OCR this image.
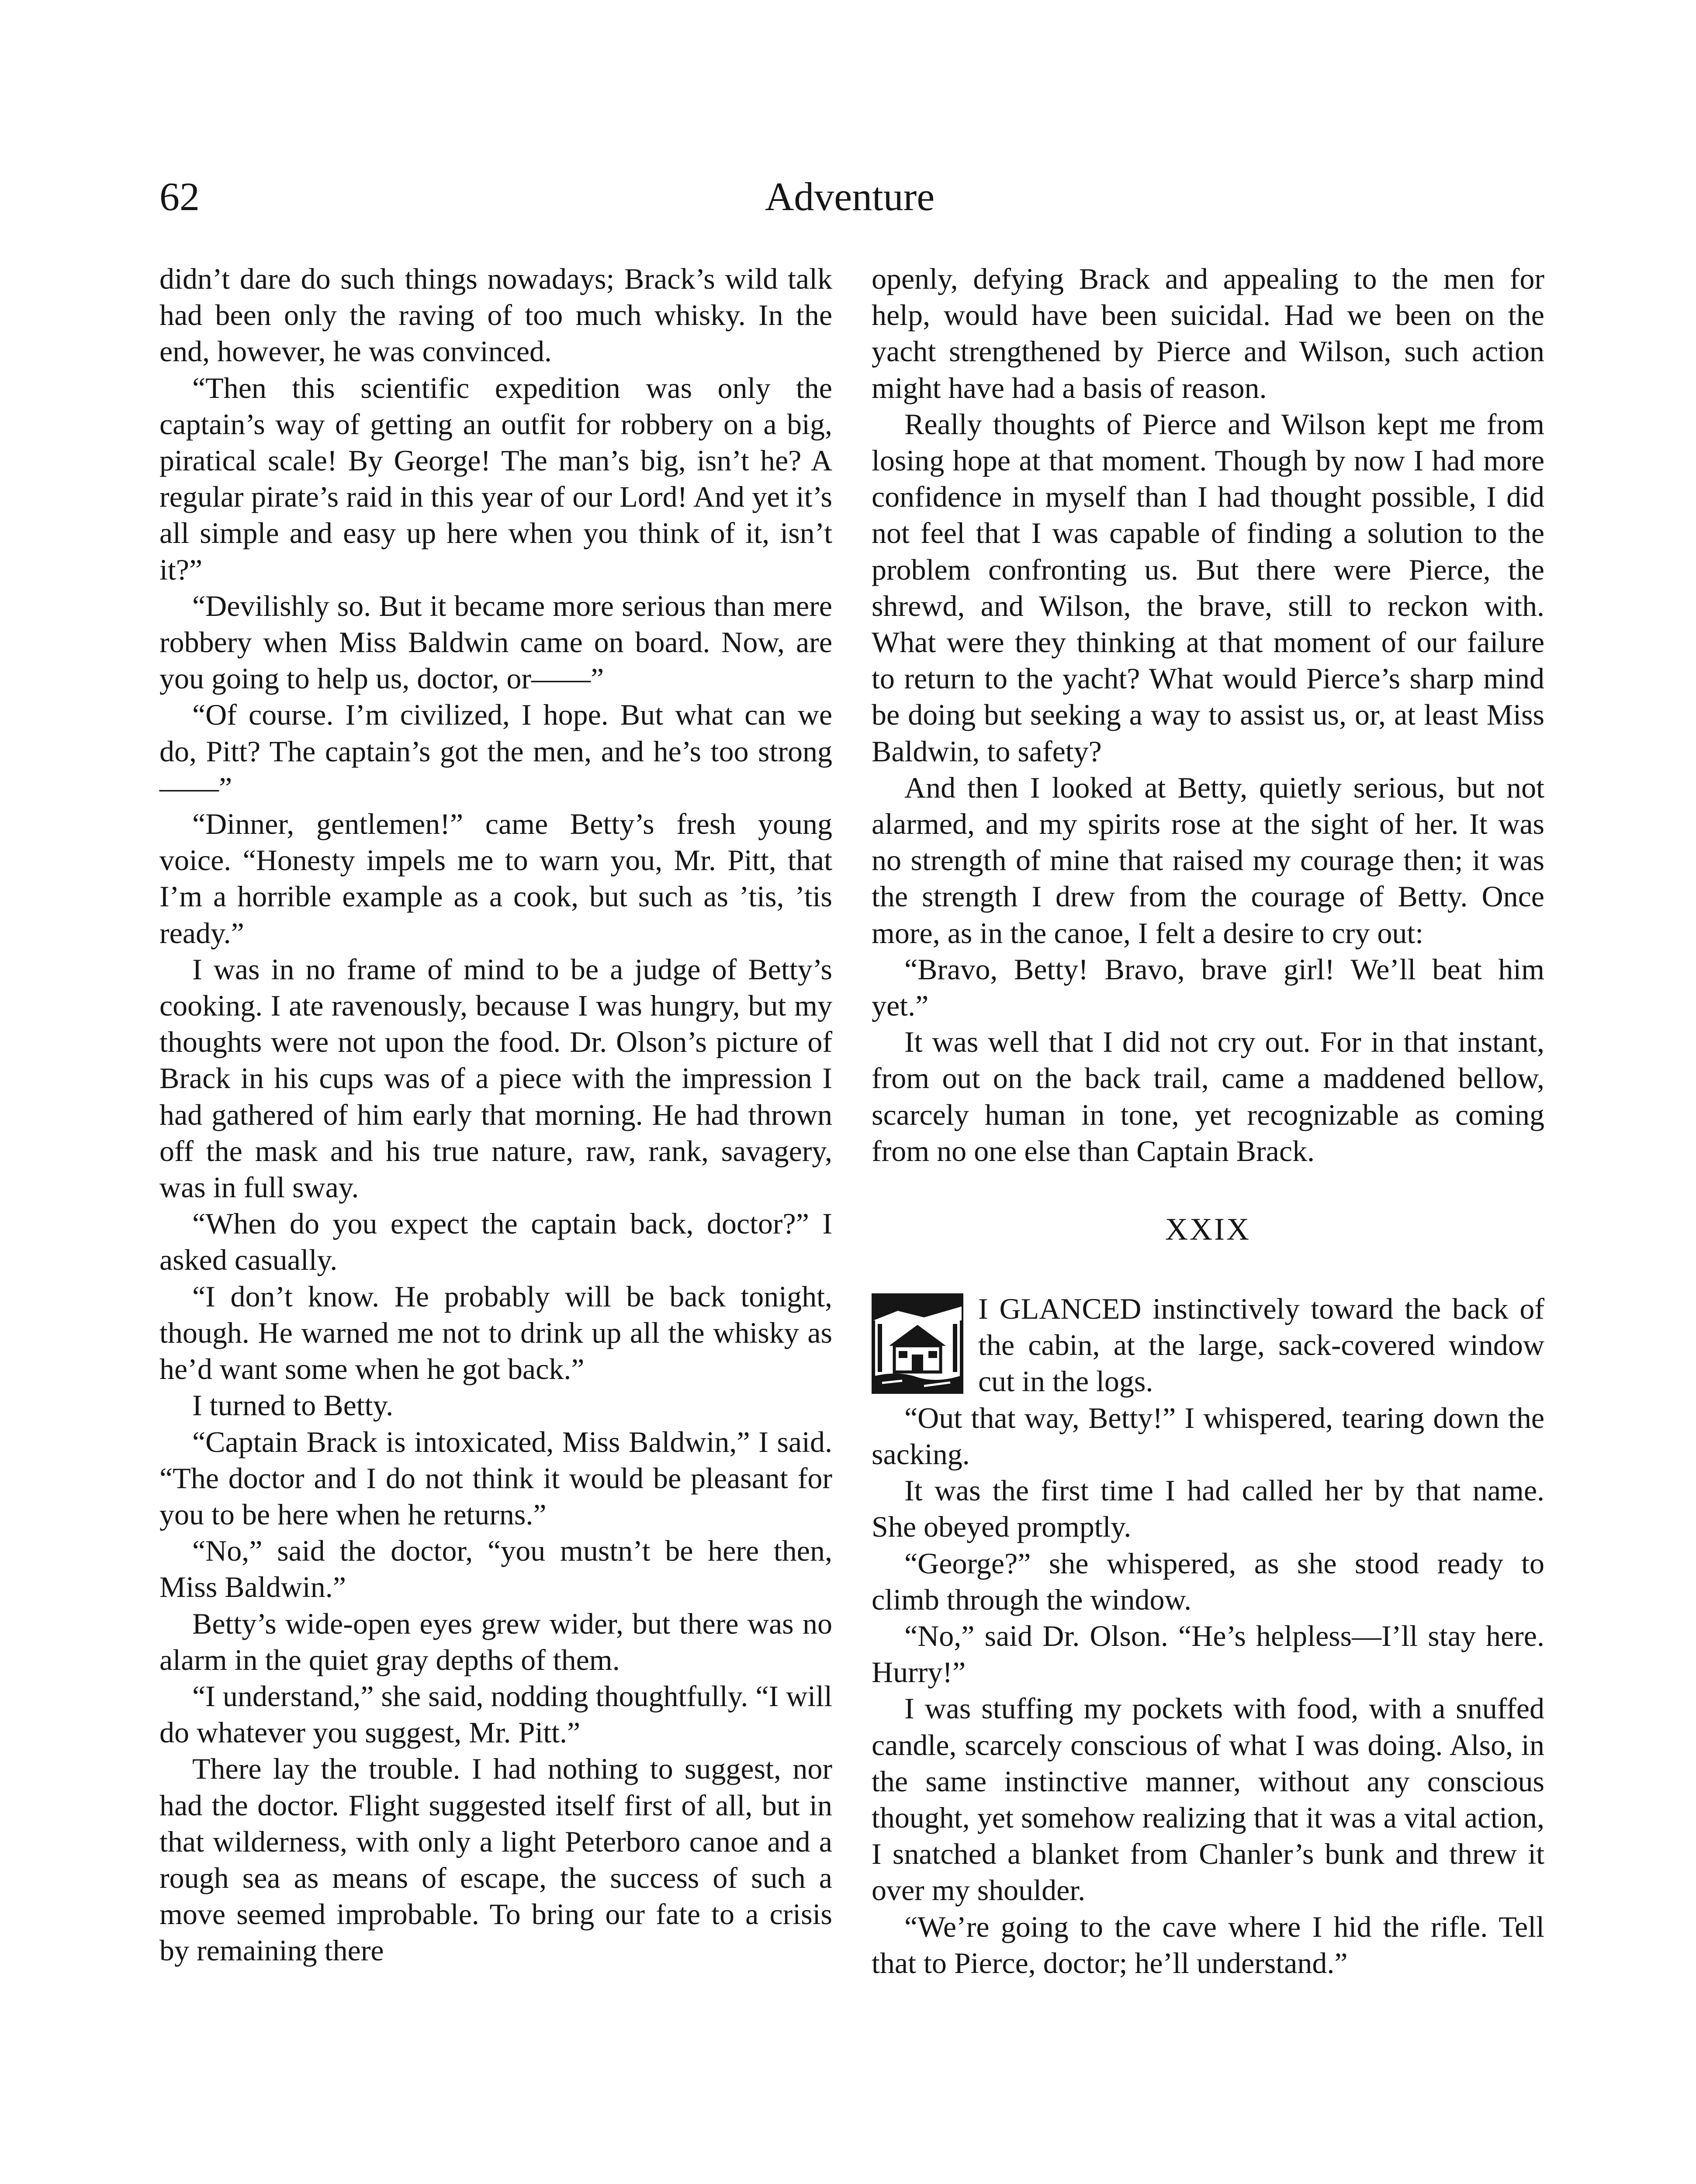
62	Adventure

didn’t dare do such things nowadays; Brack’s wild talk had been only the raving of too much whisky. In the end, however, he was convinced.

“Then this scientific expedition was only the captain’s way of getting an outfit for robbery on a big, piratical scale! By George! The man’s big, isn’t he? A regular pirate’s raid in this year of our Lord! And yet it’s all simple and easy up here when you think of it, isn’t it?”

“Devilishly so. But it became more serious than mere robbery when Miss Baldwin came on board. Now, are you going to help us, doctor, or——”

“Of course. I’m civilized, I hope. But what can we do, Pitt? The captain’s got the men, and he’s too strong——”

“Dinner, gentlemen!” came Betty’s fresh young voice. “Honesty impels me to warn you, Mr. Pitt, that I’m a horrible example as a cook, but such as ’tis, ’tis ready.”

I was in no frame of mind to be a judge of Betty’s cooking. I ate ravenously, because I was hungry, but my thoughts were not upon the food. Dr. Olson’s picture of Brack in his cups was of a piece with the impression I had gathered of him early that morning. He had thrown off the mask and his true nature, raw, rank, savagery, was in full sway.

“When do you expect the captain back, doctor?” I asked casually.

“I don’t know. He probably will be back tonight, though. He warned me not to drink up all the whisky as he’d want some when he got back.”

I turned to Betty.

“Captain Brack is intoxicated, Miss Baldwin,” I said. “The doctor and I do not think it would be pleasant for you to be here when he returns.”

“No,” said the doctor, “you mustn’t be here then, Miss Baldwin.”

Betty’s wide-open eyes grew wider, but there was no alarm in the quiet gray depths of them.

“I understand,” she said, nodding thoughtfully. “I will do whatever you suggest, Mr. Pitt.”

There lay the trouble. I had nothing to suggest, nor had the doctor. Flight suggested itself first of all, but in that wilderness, with only a light Peterboro canoe and a rough sea as means of escape, the success of such a move seemed improbable. To bring our fate to a crisis by remaining there

openly, defying Brack and appealing to the men for help, would have been suicidal. Had we been on the yacht strengthened by Pierce and Wilson, such action might have had a basis of reason.

Really thoughts of Pierce and Wilson kept me from losing hope at that moment. Though by now I had more confidence in myself than I had thought possible, I did not feel that I was capable of finding a solution to the problem confronting us. But there were Pierce, the shrewd, and Wilson, the brave, still to reckon with. What were they thinking at that moment of our failure to return to the yacht? What would Pierce’s sharp mind be doing but seeking a way to assist us, or, at least Miss Baldwin, to safety?

And then I looked at Betty, quietly serious, but not alarmed, and my spirits rose at the sight of her. It was no strength of mine that raised my courage then; it was the strength I drew from the courage of Betty. Once more, as in the canoe, I felt a desire to cry out:

“Bravo, Betty! Bravo, brave girl! We’ll beat him yet.”

It was well that I did not cry out. For in that instant, from out on the back trail, came a maddened bellow, scarcely human in tone, yet recognizable as coming from no one else than Captain Brack.

XXIX

I GLANCED instinctively toward the back of the cabin, at the large, sack-covered window cut in the logs.

“Out that way, Betty!” I whispered, tearing down the sacking.

It was the first time I had called her by that name. She obeyed promptly.

“George?” she whispered, as she stood ready to climb through the window.

“No,” said Dr. Olson. “He’s helpless—I’ll stay here. Hurry!”

I was stuffing my pockets with food, with a snuffed candle, scarcely conscious of what I was doing. Also, in the same instinctive manner, without any conscious thought, yet somehow realizing that it was a vital action, I snatched a blanket from Chanler’s bunk and threw it over my shoulder.

“We’re going to the cave where I hid the rifle. Tell that to Pierce, doctor; he’ll understand.”
